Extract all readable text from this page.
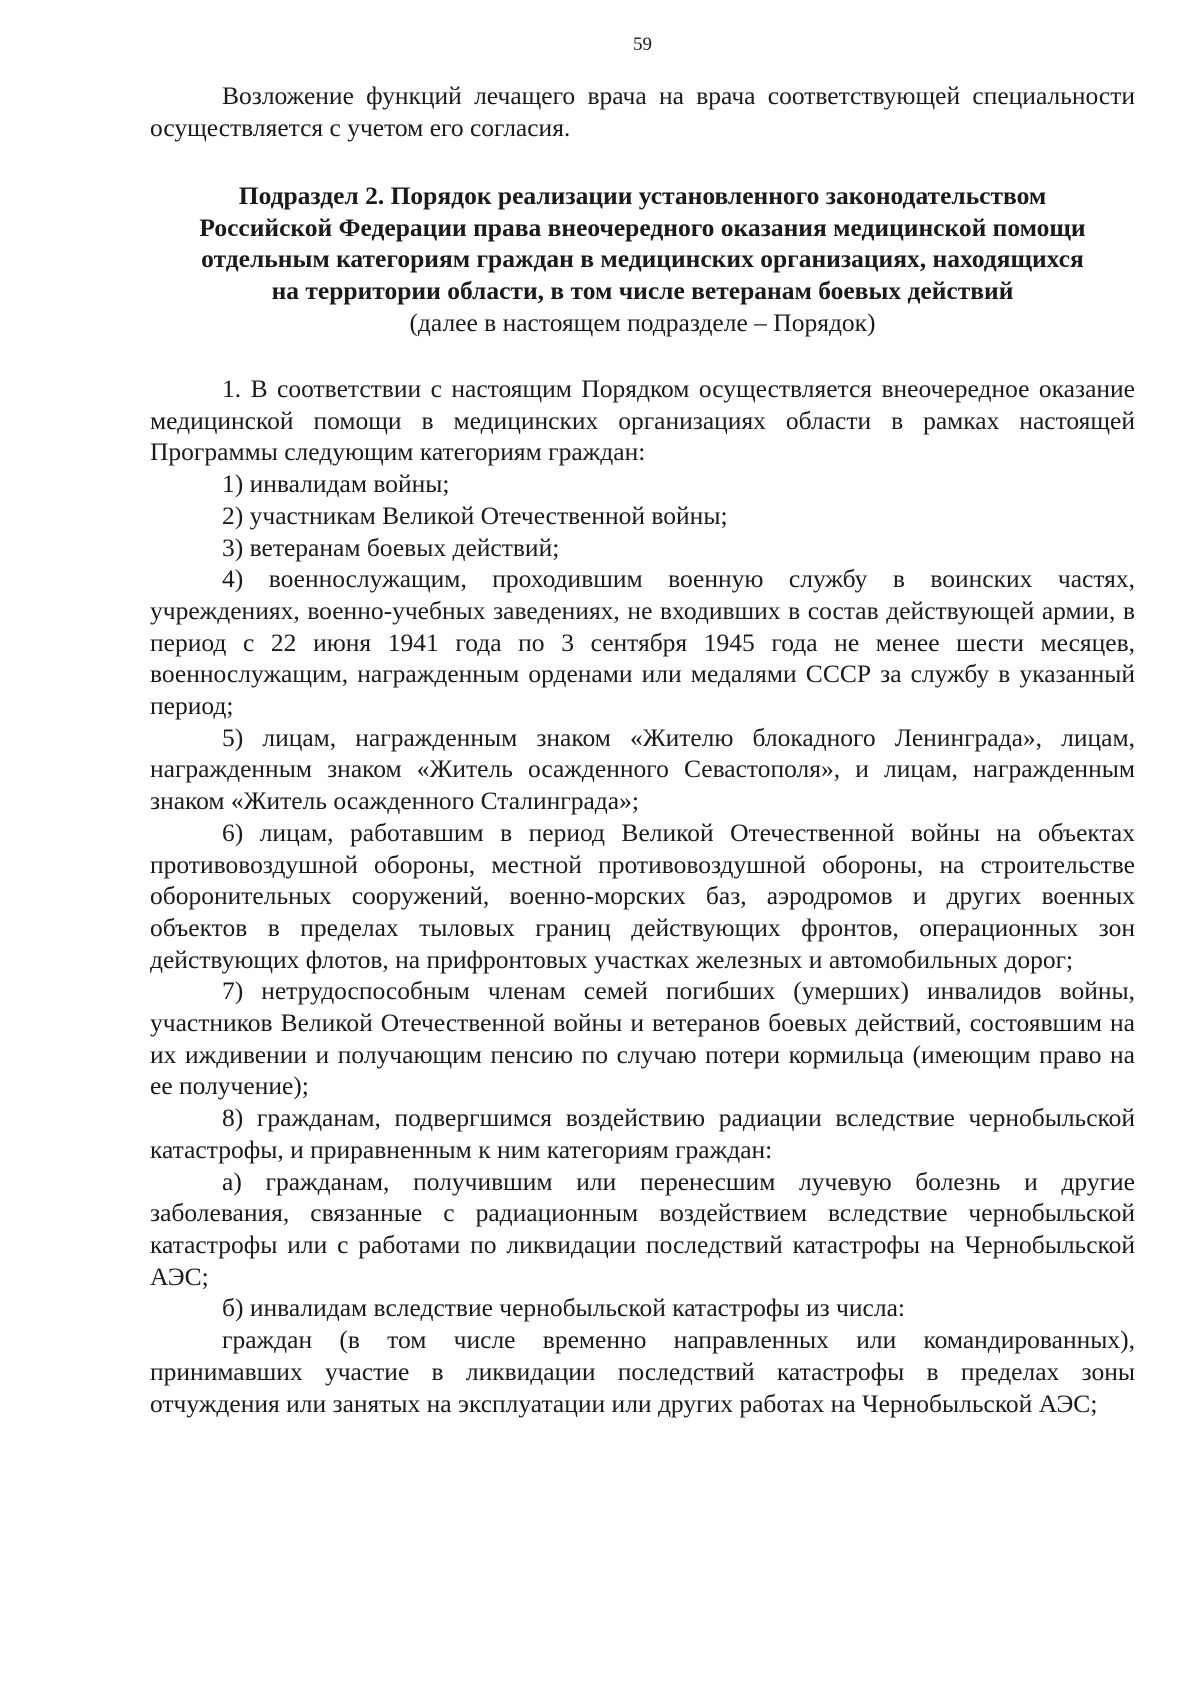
59

Возложение функций лечащего врача на врача соответствующей специальности осуществляется с учетом его согласия.

Подраздел 2. Порядок реализации установленного законодательством
Российской Федерации права внеочередного оказания медицинской помощи
отдельным категориям граждан в медицинских организациях, находящихся
на территории области, в том числе ветеранам боевых действий
(далее в настоящем подразделе – Порядок)

1. В соответствии с настоящим Порядком осуществляется внеочередное оказание медицинской помощи в медицинских организациях области в рамках настоящей Программы следующим категориям граждан:

1) инвалидам войны;

2) участникам Великой Отечественной войны;

3) ветеранам боевых действий;

4) военнослужащим, проходившим военную службу в воинских частях, учреждениях, военно-учебных заведениях, не входивших в состав действующей армии, в период с 22 июня 1941 года по 3 сентября 1945 года не менее шести месяцев, военнослужащим, награжденным орденами или медалями СССР за службу в указанный период;

5) лицам, награжденным знаком «Жителю блокадного Ленинграда», лицам, награжденным знаком «Житель осажденного Севастополя», и лицам, награжденным знаком «Житель осажденного Сталинграда»;

6) лицам, работавшим в период Великой Отечественной войны на объектах противовоздушной обороны, местной противовоздушной обороны, на строительстве оборонительных сооружений, военно-морских баз, аэродромов и других военных объектов в пределах тыловых границ действующих фронтов, операционных зон действующих флотов, на прифронтовых участках железных и автомобильных дорог;

7) нетрудоспособным членам семей погибших (умерших) инвалидов войны, участников Великой Отечественной войны и ветеранов боевых действий, состоявшим на их иждивении и получающим пенсию по случаю потери кормильца (имеющим право на ее получение);

8) гражданам, подвергшимся воздействию радиации вследствие чернобыльской катастрофы, и приравненным к ним категориям граждан:

а) гражданам, получившим или перенесшим лучевую болезнь и другие заболевания, связанные с радиационным воздействием вследствие чернобыльской катастрофы или с работами по ликвидации последствий катастрофы на Чернобыльской АЭС;

б) инвалидам вследствие чернобыльской катастрофы из числа:

граждан (в том числе временно направленных или командированных), принимавших участие в ликвидации последствий катастрофы в пределах зоны отчуждения или занятых на эксплуатации или других работах на Чернобыльской АЭС;
